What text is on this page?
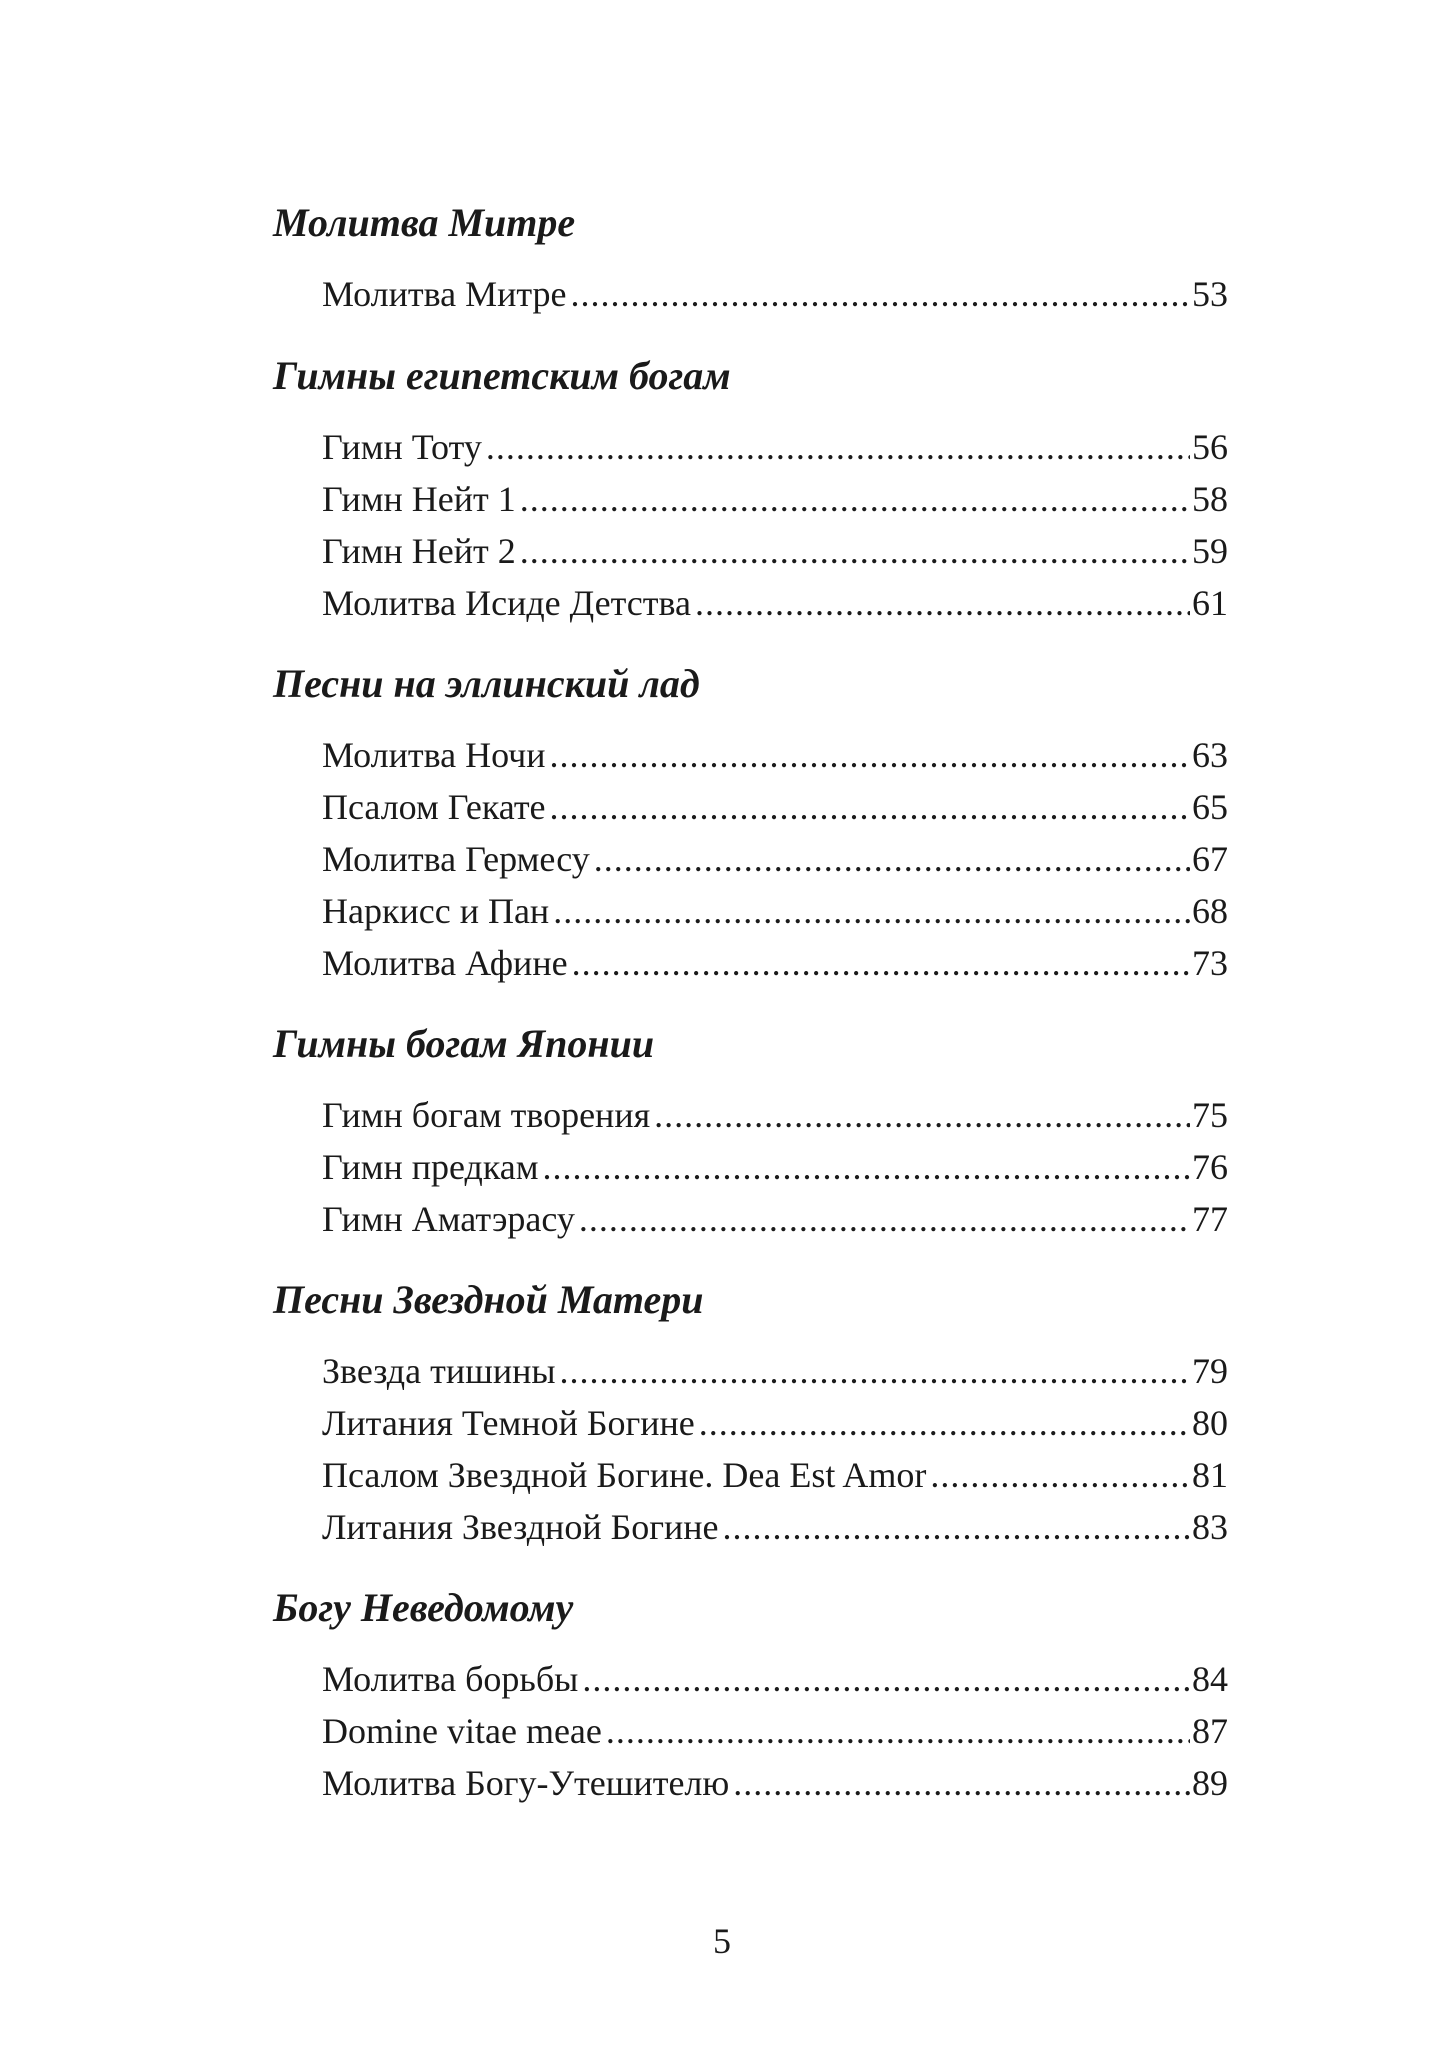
Молитва Митре
Молитва Митре .....	53
Гимны египетским богам
Гимн Тоту .....	56
Гимн Нейт 1 .....	58
Гимн Нейт 2 .....	59
Молитва Исиде Детства .....	61
Песни на эллинский лад
Молитва Ночи .....	63
Псалом Гекате .....	65
Молитва Гермесу .....	67
Наркисс и Пан .....	68
Молитва Афине .....	73
Гимны богам Японии
Гимн богам творения .....	75
Гимн предкам .....	76
Гимн Аматэрасу .....	77
Песни Звездной Матери
Звезда тишины .....	79
Литания Темной Богине .....	80
Псалом Звездной Богине. Dea Est Amor .....	81
Литания Звездной Богине .....	83
Богу Неведомому
Молитва борьбы .....	84
Domine vitae meae .....	87
Молитва Богу-Утешителю .....	89
5
